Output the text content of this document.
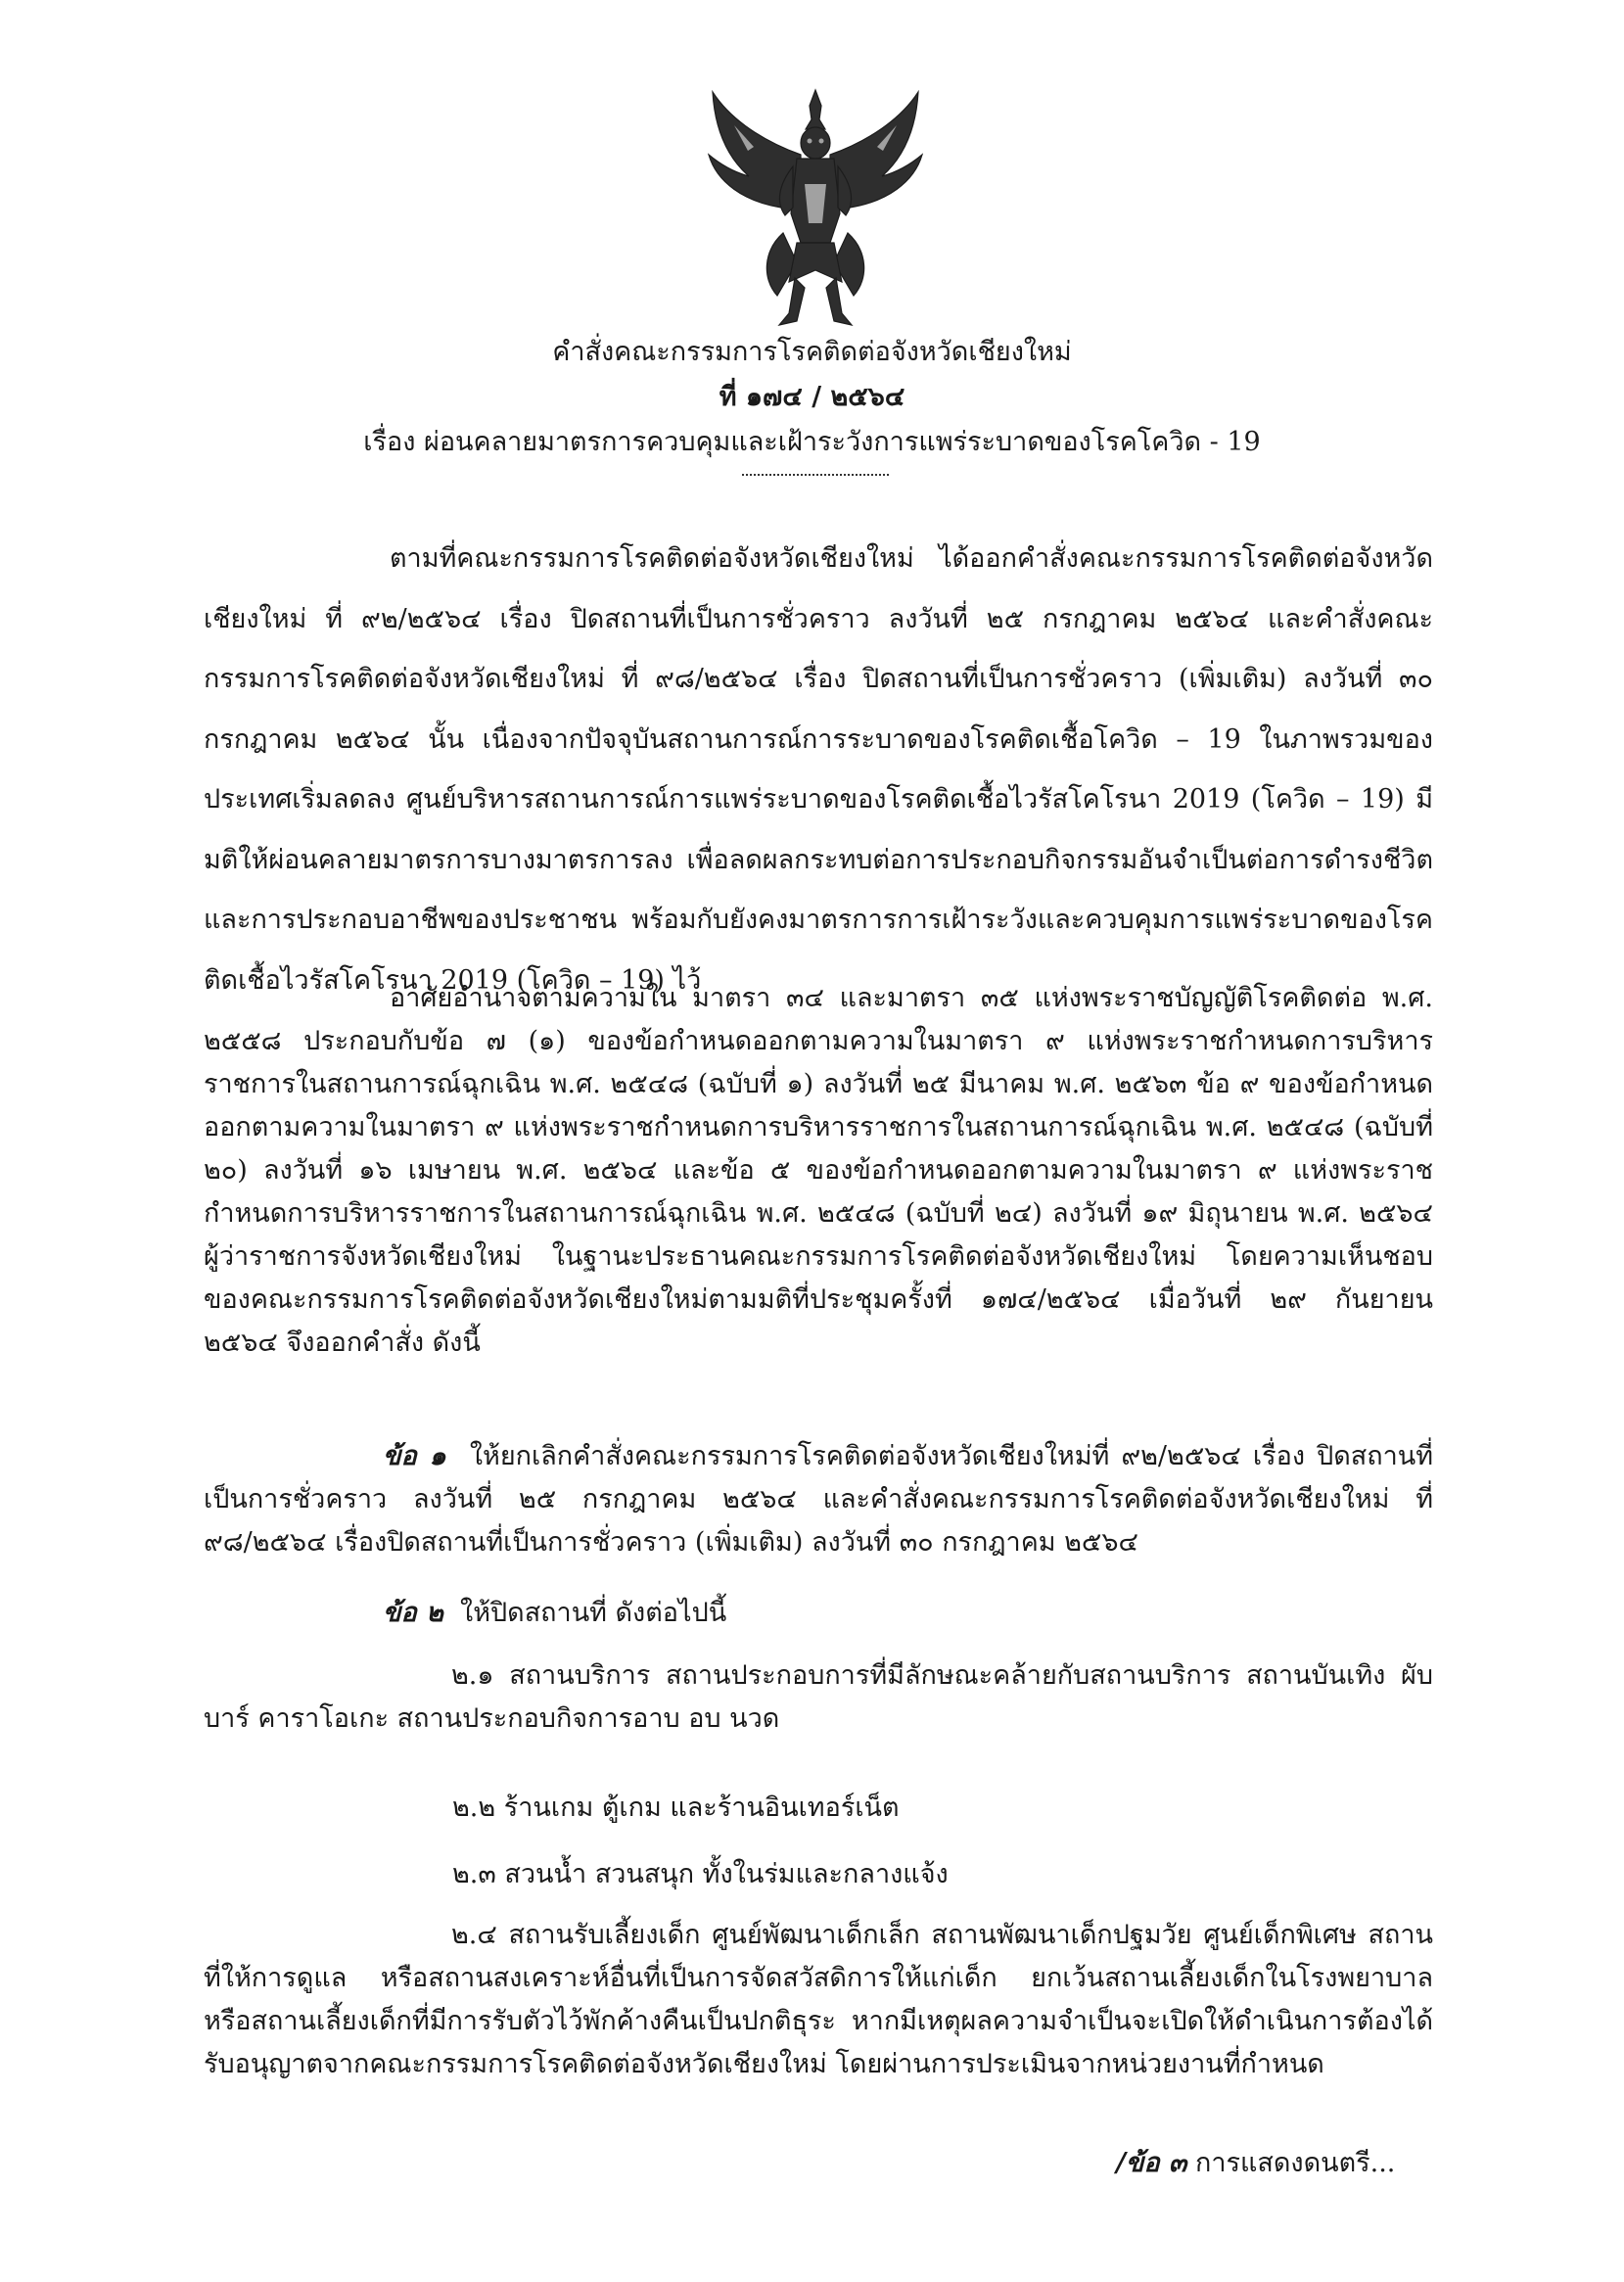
คำสั่งคณะกรรมการโรคติดต่อจังหวัดเชียงใหม่
ที่ ๑๗๔ / ๒๕๖๔
เรื่อง ผ่อนคลายมาตรการควบคุมและเฝ้าระวังการแพร่ระบาดของโรคโควิด - 19
ตามที่คณะกรรมการโรคติดต่อจังหวัดเชียงใหม่ ได้ออกคำสั่งคณะกรรมการโรคติดต่อจังหวัดเชียงใหม่ ที่ ๙๒/๒๕๖๔ เรื่อง ปิดสถานที่เป็นการชั่วคราว ลงวันที่ ๒๕ กรกฎาคม ๒๕๖๔ และคำสั่งคณะกรรมการโรคติดต่อจังหวัดเชียงใหม่ ที่ ๙๘/๒๕๖๔ เรื่อง ปิดสถานที่เป็นการชั่วคราว (เพิ่มเติม) ลงวันที่ ๓๐ กรกฎาคม ๒๕๖๔ นั้น เนื่องจากปัจจุบันสถานการณ์การระบาดของโรคติดเชื้อโควิด – 19 ในภาพรวมของประเทศเริ่มลดลง ศูนย์บริหารสถานการณ์การแพร่ระบาดของโรคติดเชื้อไวรัสโคโรนา 2019 (โควิด – 19) มีมติให้ผ่อนคลายมาตรการบางมาตรการลง เพื่อลดผลกระทบต่อการประกอบกิจกรรมอันจำเป็นต่อการดำรงชีวิตและการประกอบอาชีพของประชาชน พร้อมกับยังคงมาตรการการเฝ้าระวังและควบคุมการแพร่ระบาดของโรคติดเชื้อไวรัสโคโรนา 2019 (โควิด – 19) ไว้
อาศัยอำนาจตามความใน มาตรา ๓๔ และมาตรา ๓๕ แห่งพระราชบัญญัติโรคติดต่อ พ.ศ. ๒๕๕๘ ประกอบกับข้อ ๗ (๑) ของข้อกำหนดออกตามความในมาตรา ๙ แห่งพระราชกำหนดการบริหารราชการในสถานการณ์ฉุกเฉิน พ.ศ. ๒๕๔๘ (ฉบับที่ ๑) ลงวันที่ ๒๕ มีนาคม พ.ศ. ๒๕๖๓ ข้อ ๙ ของข้อกำหนดออกตามความในมาตรา ๙ แห่งพระราชกำหนดการบริหารราชการในสถานการณ์ฉุกเฉิน พ.ศ. ๒๕๔๘ (ฉบับที่ ๒๐) ลงวันที่ ๑๖ เมษายน พ.ศ. ๒๕๖๔ และข้อ ๕ ของข้อกำหนดออกตามความในมาตรา ๙ แห่งพระราชกำหนดการบริหารราชการในสถานการณ์ฉุกเฉิน พ.ศ. ๒๕๔๘ (ฉบับที่ ๒๔) ลงวันที่ ๑๙ มิถุนายน พ.ศ. ๒๕๖๔ ผู้ว่าราชการจังหวัดเชียงใหม่ ในฐานะประธานคณะกรรมการโรคติดต่อจังหวัดเชียงใหม่ โดยความเห็นชอบของคณะกรรมการโรคติดต่อจังหวัดเชียงใหม่ตามมติที่ประชุมครั้งที่ ๑๗๔/๒๕๖๔ เมื่อวันที่ ๒๙ กันยายน ๒๕๖๔ จึงออกคำสั่ง ดังนี้
ข้อ ๑ ให้ยกเลิกคำสั่งคณะกรรมการโรคติดต่อจังหวัดเชียงใหม่ที่ ๙๒/๒๕๖๔ เรื่อง ปิดสถานที่เป็นการชั่วคราว ลงวันที่ ๒๕ กรกฎาคม ๒๕๖๔ และคำสั่งคณะกรรมการโรคติดต่อจังหวัดเชียงใหม่ ที่ ๙๘/๒๕๖๔ เรื่องปิดสถานที่เป็นการชั่วคราว (เพิ่มเติม) ลงวันที่ ๓๐ กรกฎาคม ๒๕๖๔
ข้อ ๒ ให้ปิดสถานที่ ดังต่อไปนี้
๒.๑ สถานบริการ สถานประกอบการที่มีลักษณะคล้ายกับสถานบริการ สถานบันเทิง ผับ บาร์ คาราโอเกะ สถานประกอบกิจการอาบ อบ นวด
๒.๒ ร้านเกม ตู้เกม และร้านอินเทอร์เน็ต
๒.๓ สวนน้ำ สวนสนุก ทั้งในร่มและกลางแจ้ง
๒.๔ สถานรับเลี้ยงเด็ก ศูนย์พัฒนาเด็กเล็ก สถานพัฒนาเด็กปฐมวัย ศูนย์เด็กพิเศษ สถานที่ให้การดูแล หรือสถานสงเคราะห์อื่นที่เป็นการจัดสวัสดิการให้แก่เด็ก ยกเว้นสถานเลี้ยงเด็กในโรงพยาบาล หรือสถานเลี้ยงเด็กที่มีการรับตัวไว้พักค้างคืนเป็นปกติธุระ หากมีเหตุผลความจำเป็นจะเปิดให้ดำเนินการต้องได้รับอนุญาตจากคณะกรรมการโรคติดต่อจังหวัดเชียงใหม่ โดยผ่านการประเมินจากหน่วยงานที่กำหนด
/ข้อ ๓ การแสดงดนตรี...
